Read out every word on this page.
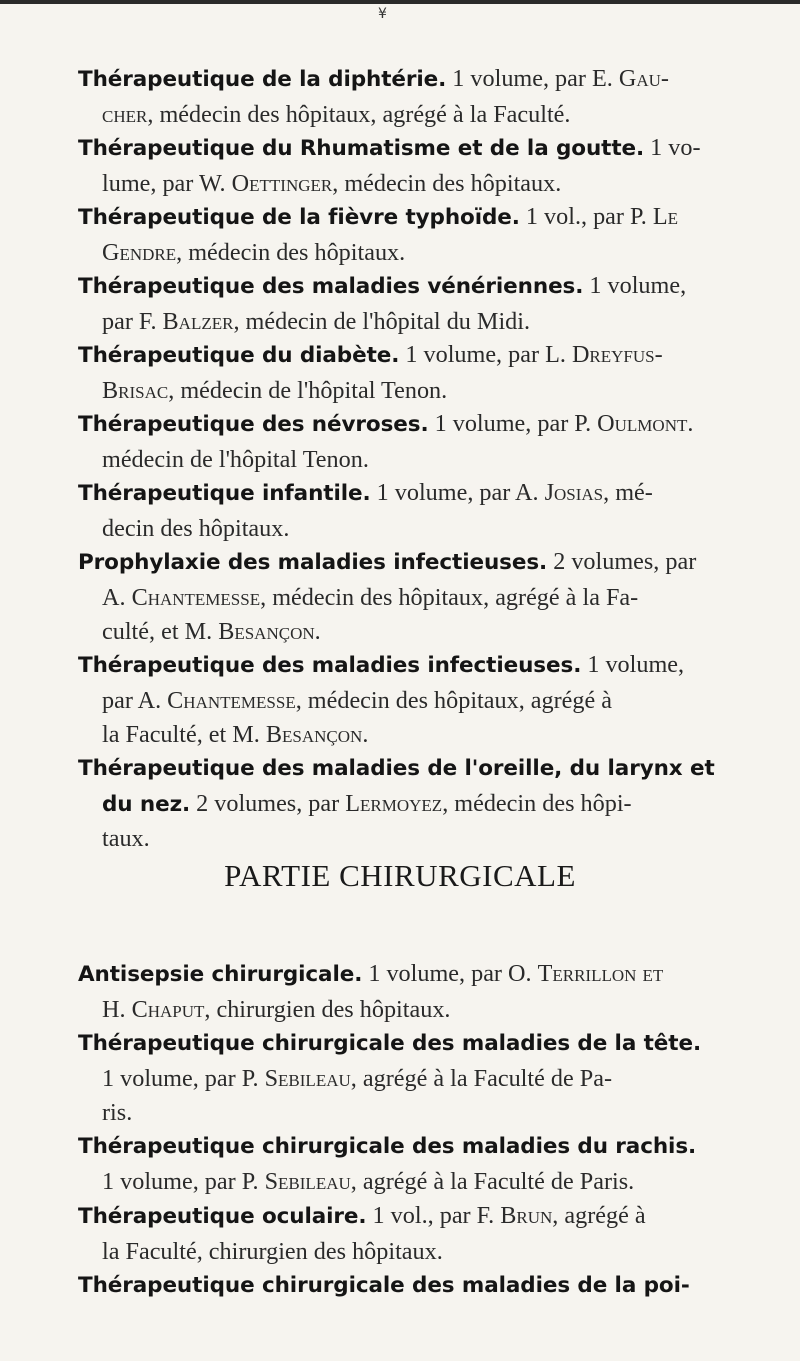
¥
Thérapeutique de la diphtérie. 1 volume, par E. Gau-
cher, médecin des hôpitaux, agrégé à la Faculté.
Thérapeutique du Rhumatisme et de la goutte. 1 vo-
lume, par W. Oettinger, médecin des hôpitaux.
Thérapeutique de la fièvre typhoïde. 1 vol., par P. Le
Gendre, médecin des hôpitaux.
Thérapeutique des maladies vénériennes. 1 volume,
par F. Balzer, médecin de l'hôpital du Midi.
Thérapeutique du diabète. 1 volume, par L. Dreyfus-
Brisac, médecin de l'hôpital Tenon.
Thérapeutique des névroses. 1 volume, par P. Oulmont.
médecin de l'hôpital Tenon.
Thérapeutique infantile. 1 volume, par A. Josias, mé-
decin des hôpitaux.
Prophylaxie des maladies infectieuses. 2 volumes, par
A. Chantemesse, médecin des hôpitaux, agrégé à la Fa-
culté, et M. Besançon.
Thérapeutique des maladies infectieuses. 1 volume,
par A. Chantemesse, médecin des hôpitaux, agrégé à
la Faculté, et M. Besançon.
Thérapeutique des maladies de l'oreille, du larynx et
du nez. 2 volumes, par Lermoyez, médecin des hôpi-
taux.
PARTIE CHIRURGICALE
Antisepsie chirurgicale. 1 volume, par O. Terrillon et
H. Chaput, chirurgien des hôpitaux.
Thérapeutique chirurgicale des maladies de la tête.
1 volume, par P. Sebileau, agrégé à la Faculté de Pa-
ris.
Thérapeutique chirurgicale des maladies du rachis.
1 volume, par P. Sebileau, agrégé à la Faculté de Paris.
Thérapeutique oculaire. 1 vol., par F. Brun, agrégé à
la Faculté, chirurgien des hôpitaux.
Thérapeutique chirurgicale des maladies de la poi-
